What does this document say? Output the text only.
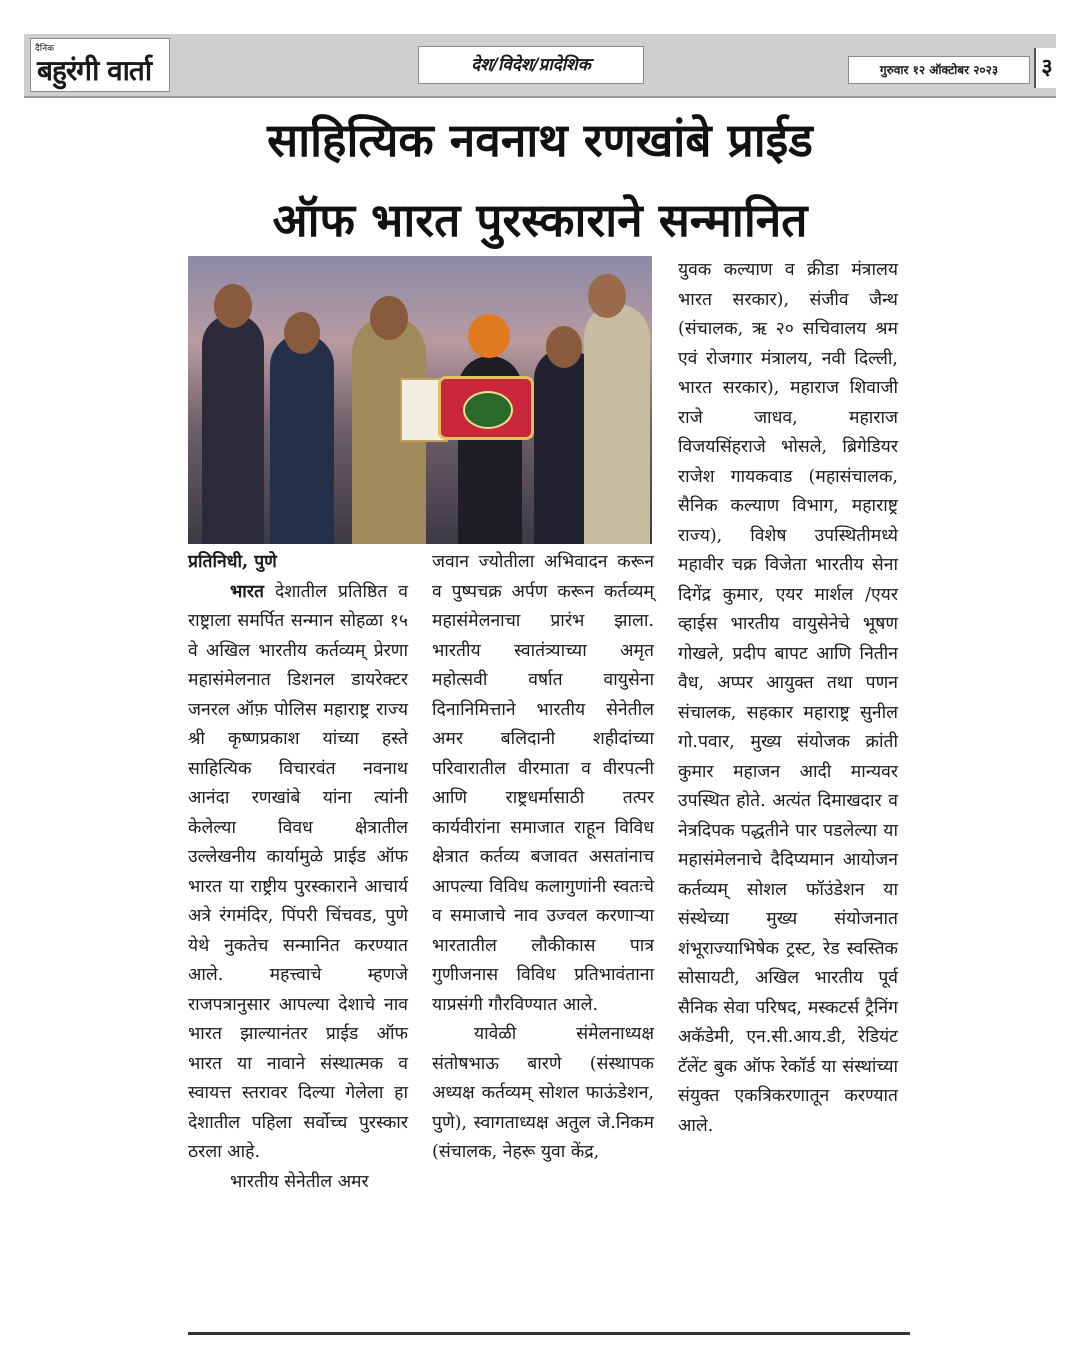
दैनिक
बहुरंगी वार्ता	देश/विदेश/प्रादेशिक	गुरुवार १२ ऑक्टोबर २०२३	३
साहित्यिक नवनाथ रणखांबे प्राईड
ऑफ भारत पुरस्काराने सन्मानित

प्रतिनिधी, पुणे

भारत देशातील प्रतिष्ठित व राष्ट्राला समर्पित सन्मान सोहळा १५ वे अखिल भारतीय कर्तव्यम् प्रेरणा महासंमेलनात डिशनल डायरेक्टर जनरल ऑफ़ पोलिस महाराष्ट्र राज्य श्री कृष्णप्रकाश यांच्या हस्ते साहित्यिक विचारवंत नवनाथ आनंदा रणखांबे यांना त्यांनी केलेल्या विवध क्षेत्रातील उल्लेखनीय कार्यामुळे प्राईड ऑफ भारत या राष्ट्रीय पुरस्काराने आचार्य अत्रे रंगमंदिर, पिंपरी चिंचवड, पुणे येथे नुकतेच सन्मानित करण्यात आले. महत्त्वाचे म्हणजे राजपत्रानुसार आपल्या देशाचे नाव भारत झाल्यानंतर प्राईड ऑफ भारत या नावाने संस्थात्मक व स्वायत्त स्तरावर दिल्या गेलेला हा देशातील पहिला सर्वोच्च पुरस्कार ठरला आहे.

भारतीय सेनेतील अमर

जवान ज्योतीला अभिवादन करून व पुष्पचक्र अर्पण करून कर्तव्यम् महासंमेलनाचा प्रारंभ झाला. भारतीय स्वातंत्र्याच्या अमृत महोत्सवी वर्षात वायुसेना दिनानिमित्ताने भारतीय सेनेतील अमर बलिदानी शहीदांच्या परिवारातील वीरमाता व वीरपत्नी आणि राष्ट्रधर्मासाठी तत्पर कार्यवीरांना समाजात राहून विविध क्षेत्रात कर्तव्य बजावत असतांनाच आपल्या विविध कलागुणांनी स्वतःचे व समाजाचे नाव उज्वल करणाऱ्या भारतातील लौकीकास पात्र गुणीजनास विविध प्रतिभावंताना याप्रसंगी गौरविण्यात आले.

यावेळी संमेलनाध्यक्ष संतोषभाऊ बारणे (संस्थापक अध्यक्ष कर्तव्यम् सोशल फाऊंडेशन, पुणे), स्वागताध्यक्ष अतुल जे.निकम (संचालक, नेहरू युवा केंद्र,

युवक कल्याण व क्रीडा मंत्रालय भारत सरकार), संजीव जैन्थ (संचालक, ऋ २० सचिवालय श्रम एवं रोजगार मंत्रालय, नवी दिल्ली, भारत सरकार), महाराज शिवाजी राजे जाधव, महाराज विजयसिंहराजे भोसले, ब्रिगेडियर राजेश गायकवाड (महासंचालक, सैनिक कल्याण विभाग, महाराष्ट्र राज्य), विशेष उपस्थितीमध्ये महावीर चक्र विजेता भारतीय सेना दिगेंद्र कुमार, एयर मार्शल /एयर व्हाईस भारतीय वायुसेनेचे भूषण गोखले, प्रदीप बापट आणि नितीन वैध, अप्पर आयुक्त तथा पणन संचालक, सहकार महाराष्ट्र सुनील गो.पवार, मुख्य संयोजक क्रांती कुमार महाजन आदी मान्यवर उपस्थित होते. अत्यंत दिमाखदार व नेत्रदिपक पद्धतीने पार पडलेल्या या महासंमेलनाचे दैदिप्यमान आयोजन कर्तव्यम् सोशल फॉउंडेशन या संस्थेच्या मुख्य संयोजनात शंभूराज्याभिषेक ट्रस्ट, रेड स्वस्तिक सोसायटी, अखिल भारतीय पूर्व सैनिक सेवा परिषद, मस्कटर्स ट्रैनिंग अकॅडेमी, एन.सी.आय.डी, रेडियंट टॅलेंट बुक ऑफ रेकॉर्ड या संस्थांच्या संयुक्त एकत्रिकरणातून करण्यात आले.
